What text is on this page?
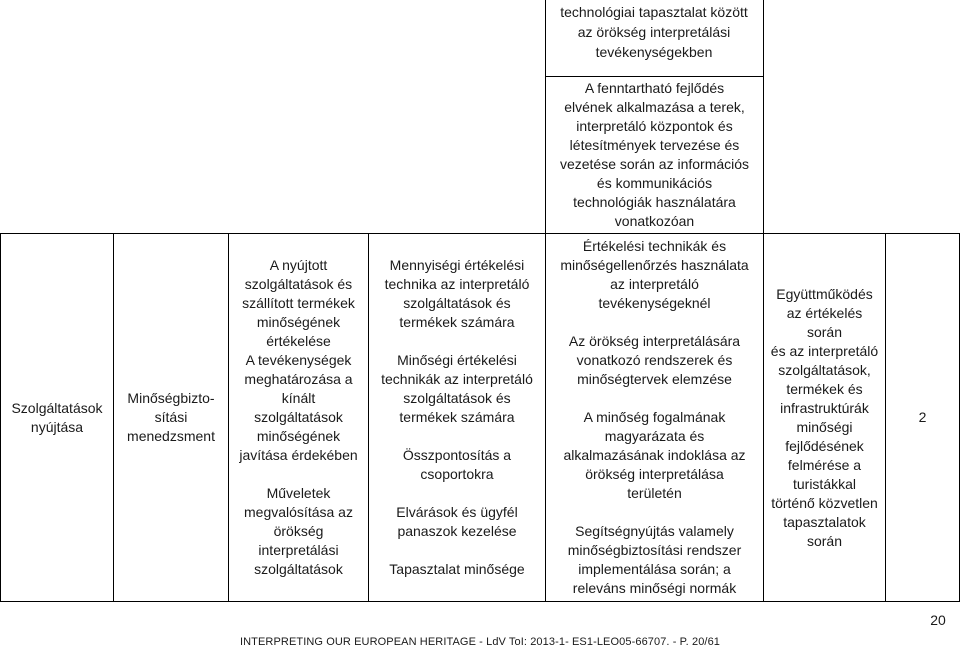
technológiai tapasztalat között
az örökség interpretálási
tevékenységekben
A fenntartható fejlődés
elvének alkalmazása a terek,
interpretáló központok és
létesítmények tervezése és
vezetése során az információs
és kommunikációs
technológiák használatára
vonatkozóan
Szolgáltatások
nyújtása
Minőségbizto-
sítási
menedzsment
A nyújtott
szolgáltatások és
szállított termékek
minőségének
értékelése
A tevékenységek
meghatározása a
kínált
szolgáltatások
minőségének
javítása érdekében
Műveletek
megvalósítása az
örökség
interpretálási
szolgáltatások
Mennyiségi értékelési
technika az interpretáló
szolgáltatások és
termékek számára
Minőségi értékelési
technikák az interpretáló
szolgáltatások és
termékek számára
Összpontosítás a
csoportokra
Elvárások és ügyfél
panaszok kezelése
Tapasztalat minősége
Értékelési technikák és
minőségellenőrzés használata
az interpretáló
tevékenységeknél
Az örökség interpretálására
vonatkozó rendszerek és
minőségtervek elemzése
A minőség fogalmának
magyarázata és
alkalmazásának indoklása az
örökség interpretálása
területén
Segítségnyújtás valamely
minőségbiztosítási rendszer
implementálása során; a
releváns minőségi normák
Együttműködés
az értékelés során
és az interpretáló
szolgáltatások,
termékek és
infrastruktúrák
minőségi
fejlődésének
felmérése a
turistákkal
történő közvetlen
tapasztalatok
során
2
20
INTERPRETING OUR EUROPEAN HERITAGE - LdV ToI: 2013-1- ES1-LEO05-66707. - P. 20/61
